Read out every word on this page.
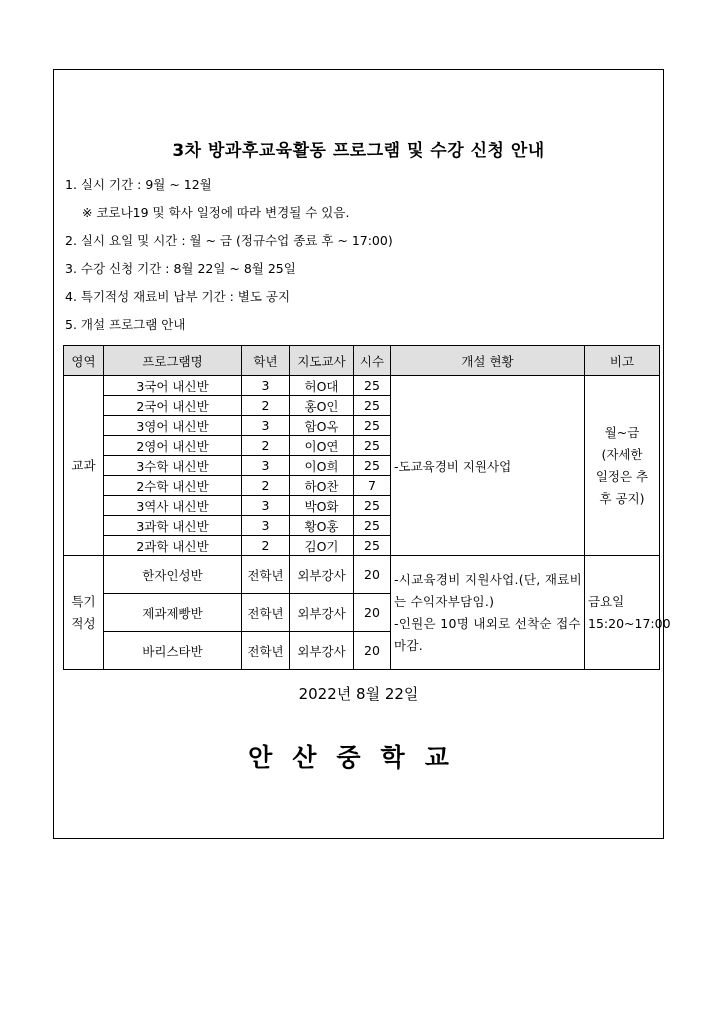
3차 방과후교육활동 프로그램 및 수강 신청 안내
1. 실시 기간 : 9월 ~ 12월
※ 코로나19 및 학사 일정에 따라 변경될 수 있음.
2. 실시 요일 및 시간 : 월 ~ 금 (정규수업 종료 후 ~ 17:00)
3. 수강 신청 기간 : 8월 22일 ~ 8월 25일
4. 특기적성 재료비 납부 기간 : 별도 공지
5. 개설 프로그램 안내
영역	프로그램명	학년	지도교사	시수	개설 현황	비고
교과	3국어 내신반	3	허O대	25	-도교육경비 지원사업	월~금
(자세한
일정은 추
후 공지)
	2국어 내신반	2	홍O인	25		
	3영어 내신반	3	함O옥	25		
	2영어 내신반	2	이O연	25		
	3수학 내신반	3	이O희	25		
	2수학 내신반	2	하O찬	7		
	3역사 내신반	3	박O화	25		
	3과학 내신반	3	황O홍	25		
	2과학 내신반	2	김O기	25		
특기
적성	한자인성반	전학년	외부강사	20	-시교육경비 지원사업.(단, 재료비는 수익자부담임.)
-인원은 10명 내외로 선착순 접수마감.	금요일
15:20~17:00
	제과제빵반	전학년	외부강사	20		
	바리스타반	전학년	외부강사	20		
2022년 8월 22일
안산중학교
